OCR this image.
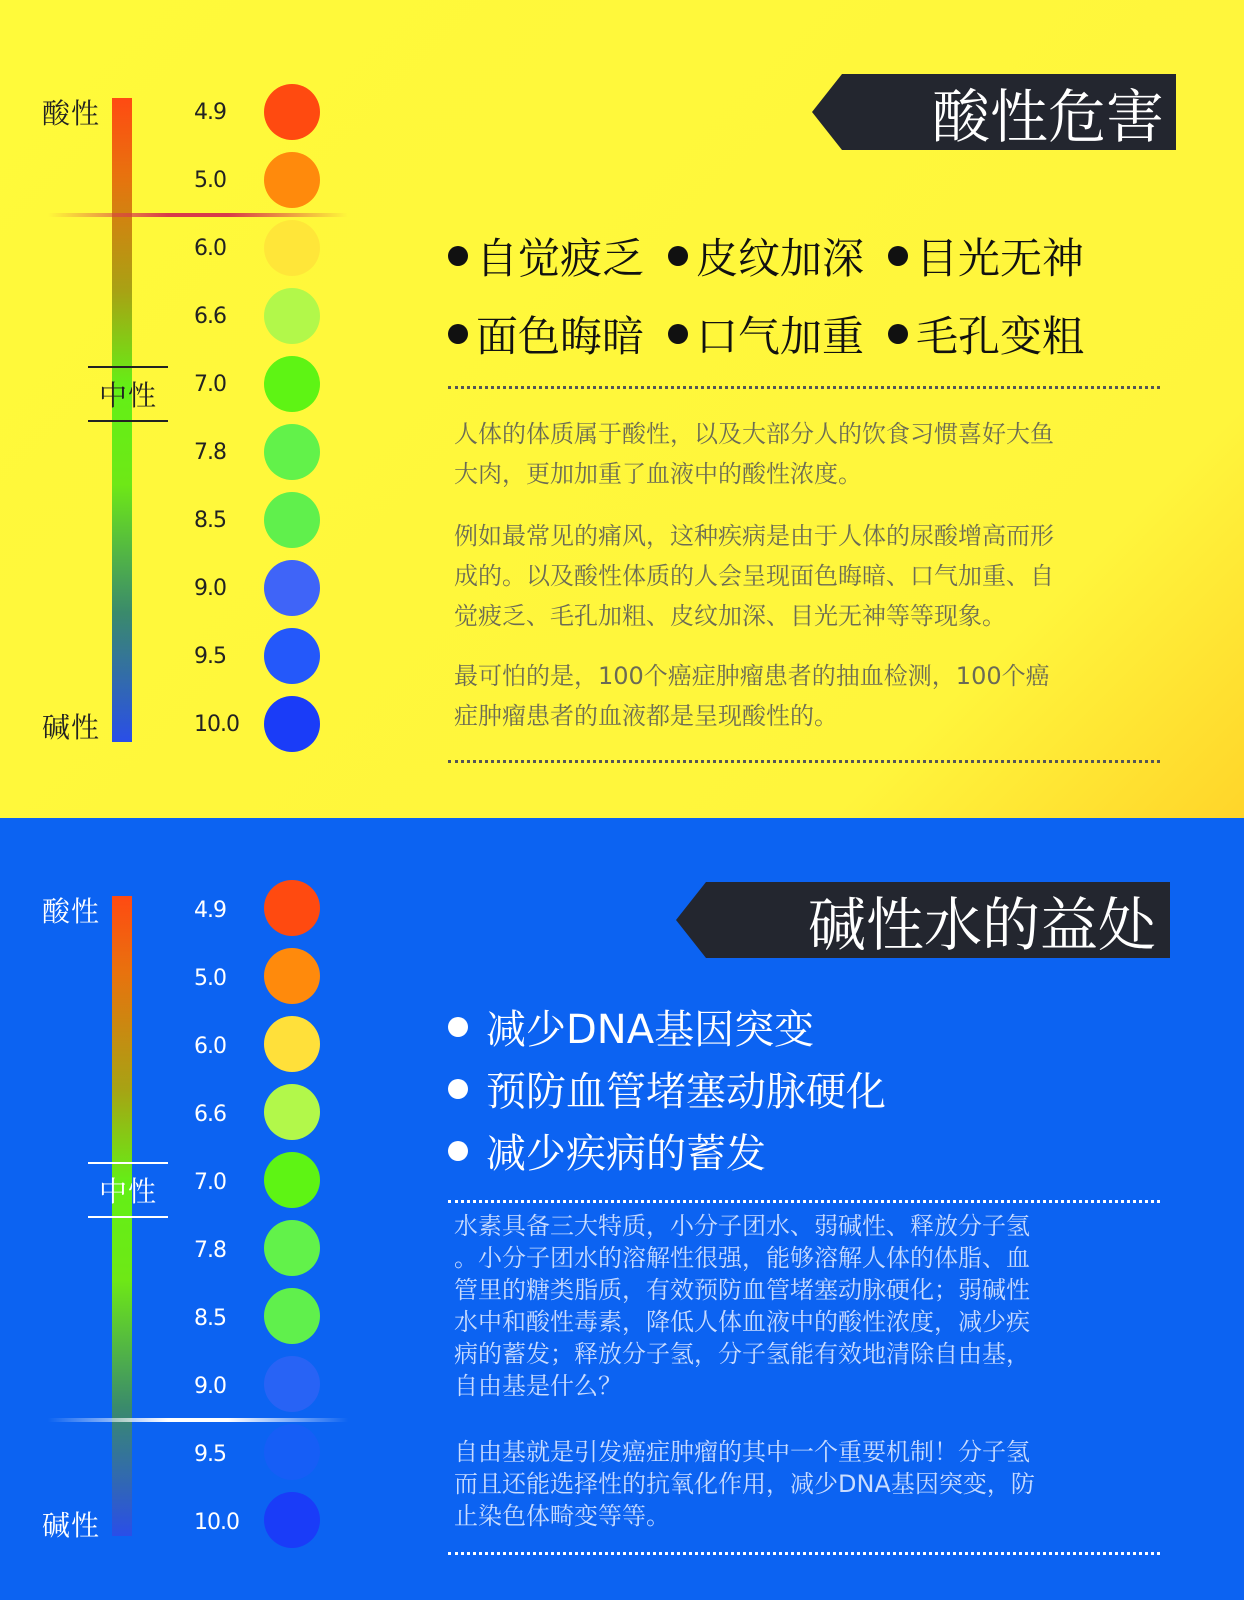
酸性
中性
碱性
4.9
5.0
6.0
6.6
7.0
7.8
8.5
9.0
9.5
10.0
酸性危害
自觉疲乏 皮纹加深 目光无神
面色晦暗 口气加重 毛孔变粗
人体的体质属于酸性，以及大部分人的饮食习惯喜好大鱼
大肉，更加加重了血液中的酸性浓度。
例如最常见的痛风，这种疾病是由于人体的尿酸增高而形
成的。以及酸性体质的人会呈现面色晦暗、口气加重、自
觉疲乏、毛孔加粗、皮纹加深、目光无神等等现象。
最可怕的是，100个癌症肿瘤患者的抽血检测，100个癌
症肿瘤患者的血液都是呈现酸性的。
酸性
中性
碱性
4.9
5.0
6.0
6.6
7.0
7.8
8.5
9.0
9.5
10.0
碱性水的益处
减少DNA基因突变
预防血管堵塞动脉硬化
减少疾病的蓄发
水素具备三大特质，小分子团水、弱碱性、释放分子氢
。小分子团水的溶解性很强，能够溶解人体的体脂、血
管里的糖类脂质，有效预防血管堵塞动脉硬化；弱碱性
水中和酸性毒素，降低人体血液中的酸性浓度，减少疾
病的蓄发；释放分子氢，分子氢能有效地清除自由基，
自由基是什么？
自由基就是引发癌症肿瘤的其中一个重要机制！分子氢
而且还能选择性的抗氧化作用，减少DNA基因突变，防
止染色体畸变等等。
